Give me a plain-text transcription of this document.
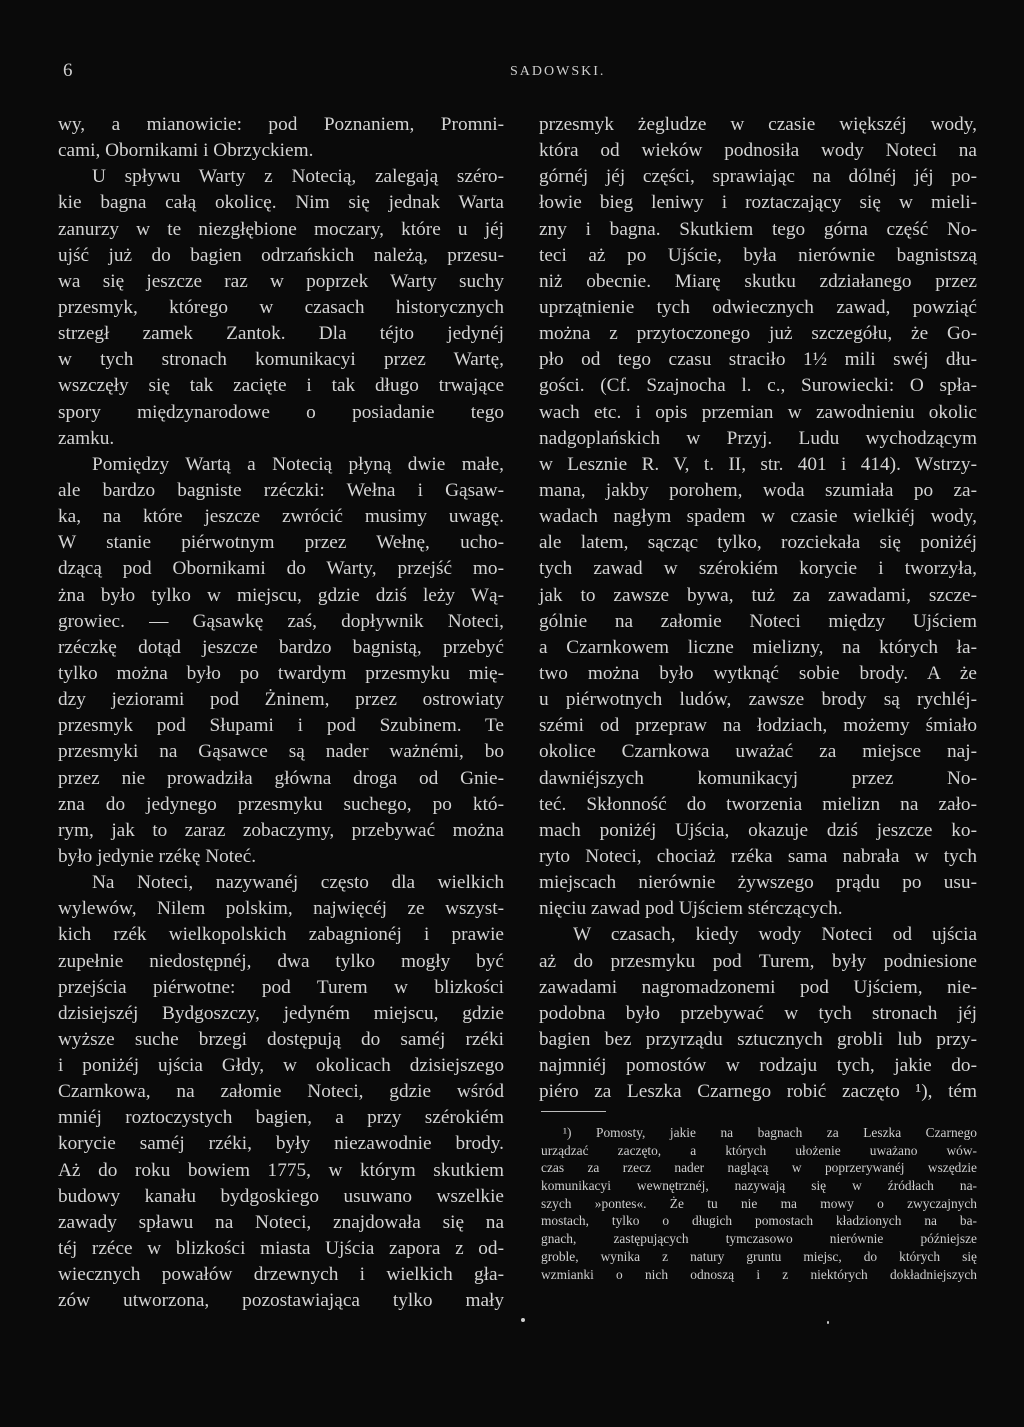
6	SADOWSKI.
wy, a mianowicie: pod Poznaniem, Promni-
cami, Obornikami i Obrzyckiem.
U spływu Warty z Notecią, zalegają széro-
kie bagna całą okolicę. Nim się jednak Warta
zanurzy w te niezgłębione moczary, które u jéj
ujść już do bagien odrzańskich należą, przesu-
wa się jeszcze raz w poprzek Warty suchy
przesmyk, którego w czasach historycznych
strzegł zamek Zantok. Dla téjto jedynéj
w tych stronach komunikacyi przez Wartę,
wszczęły się tak zacięte i tak długo trwające
spory międzynarodowe o posiadanie tego
zamku.
Pomiędzy Wartą a Notecią płyną dwie małe,
ale bardzo bagniste rzéczki: Wełna i Gąsaw-
ka, na które jeszcze zwrócić musimy uwagę.
W stanie piérwotnym przez Wełnę, ucho-
dzącą pod Obornikami do Warty, przejść mo-
żna było tylko w miejscu, gdzie dziś leży Wą-
growiec. — Gąsawkę zaś, dopływnik Noteci,
rzéczkę dotąd jeszcze bardzo bagnistą, przebyć
tylko można było po twardym przesmyku mię-
dzy jeziorami pod Żninem, przez ostrowiaty
przesmyk pod Słupami i pod Szubinem. Te
przesmyki na Gąsawce są nader ważnémi, bo
przez nie prowadziła główna droga od Gnie-
zna do jedynego przesmyku suchego, po któ-
rym, jak to zaraz zobaczymy, przebywać można
było jedynie rzékę Noteć.
Na Noteci, nazywanéj często dla wielkich
wylewów, Nilem polskim, najwięcéj ze wszyst-
kich rzék wielkopolskich zabagnionéj i prawie
zupełnie niedostępnéj, dwa tylko mogły być
przejścia piérwotne: pod Turem w blizkości
dzisiejszéj Bydgoszczy, jedyném miejscu, gdzie
wyższe suche brzegi dostępują do saméj rzéki
i poniżéj ujścia Głdy, w okolicach dzisiejszego
Czarnkowa, na załomie Noteci, gdzie wśród
mniéj roztoczystych bagien, a przy szérokiém
korycie saméj rzéki, były niezawodnie brody.
Aż do roku bowiem 1775, w którym skutkiem
budowy kanału bydgoskiego usuwano wszelkie
zawady spławu na Noteci, znajdowała się na
téj rzéce w blizkości miasta Ujścia zapora z od-
wiecznych powałów drzewnych i wielkich gła-
zów utworzona, pozostawiająca tylko mały
przesmyk żegludze w czasie większéj wody,
która od wieków podnosiła wody Noteci na
górnéj jéj części, sprawiając na dólnéj jéj po-
łowie bieg leniwy i roztaczający się w mieli-
zny i bagna. Skutkiem tego górna część No-
teci aż po Ujście, była nierównie bagnistszą
niż obecnie. Miarę skutku zdziałanego przez
uprzątnienie tych odwiecznych zawad, powziąć
można z przytoczonego już szczegółu, że Go-
pło od tego czasu straciło 1½ mili swéj dłu-
gości. (Cf. Szajnocha l. c., Surowiecki: O spła-
wach etc. i opis przemian w zawodnieniu okolic
nadgoplańskich w Przyj. Ludu wychodzącym
w Lesznie R. V, t. II, str. 401 i 414). Wstrzy-
mana, jakby porohem, woda szumiała po za-
wadach nagłym spadem w czasie wielkiéj wody,
ale latem, sącząc tylko, rozciekała się poniżéj
tych zawad w szérokiém korycie i tworzyła,
jak to zawsze bywa, tuż za zawadami, szcze-
gólnie na załomie Noteci między Ujściem
a Czarnkowem liczne mielizny, na których ła-
two można było wytknąć sobie brody. A że
u piérwotnych ludów, zawsze brody są rychléj-
szémi od przepraw na łodziach, możemy śmiało
okolice Czarnkowa uważać za miejsce naj-
dawniéjszych komunikacyj przez No-
teć. Skłonność do tworzenia mielizn na zało-
mach poniżéj Ujścia, okazuje dziś jeszcze ko-
ryto Noteci, chociaż rzéka sama nabrała w tych
miejscach nierównie żywszego prądu po usu-
nięciu zawad pod Ujściem stérczących.
W czasach, kiedy wody Noteci od ujścia
aż do przesmyku pod Turem, były podniesione
zawadami nagromadzonemi pod Ujściem, nie-
podobna było przebywać w tych stronach jéj
bagien bez przyrządu sztucznych grobli lub przy-
najmniéj pomostów w rodzaju tych, jakie do-
piéro za Leszka Czarnego robić zaczęto ¹), tém
¹) Pomosty, jakie na bagnach za Leszka Czarnego
urządzać zaczęto, a których ułożenie uważano wów-
czas za rzecz nader naglącą w poprzerywanéj wszędzie
komunikacyi wewnętrznéj, nazywają się w źródłach na-
szych »pontes«. Że tu nie ma mowy o zwyczajnych
mostach, tylko o długich pomostach kładzionych na ba-
gnach, zastępujących tymczasowo nierównie późniejsze
groble, wynika z natury gruntu miejsc, do których się
wzmianki o nich odnoszą i z niektórych dokładniejszych
